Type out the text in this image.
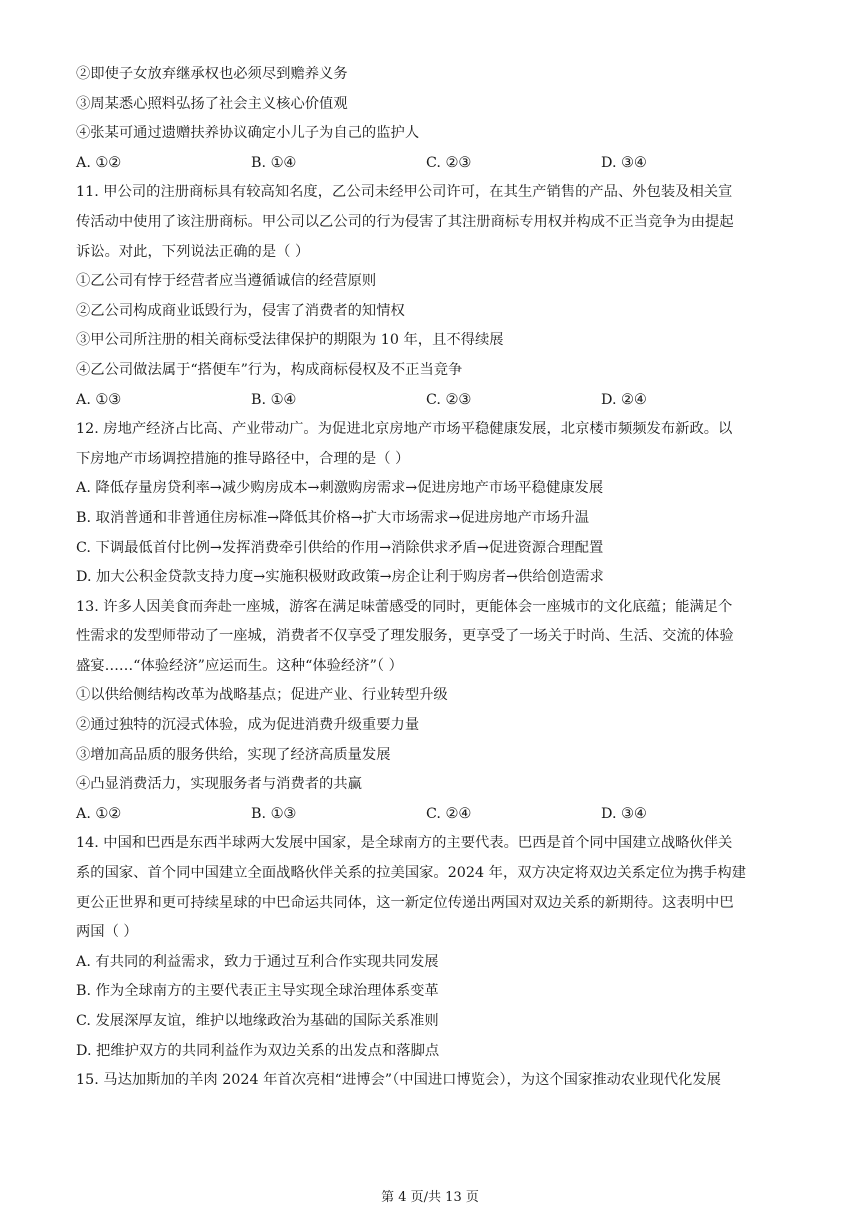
②即使子女放弃继承权也必须尽到赡养义务
③周某悉心照料弘扬了社会主义核心价值观
④张某可通过遗赠扶养协议确定小儿子为自己的监护人
A. ①②	B. ①④	C. ②③	D. ③④
11. 甲公司的注册商标具有较高知名度，乙公司未经甲公司许可，在其生产销售的产品、外包装及相关宣
传活动中使用了该注册商标。甲公司以乙公司的行为侵害了其注册商标专用权并构成不正当竞争为由提起
诉讼。对此，下列说法正确的是（ ）
①乙公司有悖于经营者应当遵循诚信的经营原则
②乙公司构成商业诋毁行为，侵害了消费者的知情权
③甲公司所注册的相关商标受法律保护的期限为 10 年，且不得续展
④乙公司做法属于“搭便车”行为，构成商标侵权及不正当竞争
A. ①③	B. ①④	C. ②③	D. ②④
12. 房地产经济占比高、产业带动广。为促进北京房地产市场平稳健康发展，北京楼市频频发布新政。以
下房地产市场调控措施的推导路径中，合理的是（ ）
A. 降低存量房贷利率→减少购房成本→刺激购房需求→促进房地产市场平稳健康发展
B. 取消普通和非普通住房标准→降低其价格→扩大市场需求→促进房地产市场升温
C. 下调最低首付比例→发挥消费牵引供给的作用→消除供求矛盾→促进资源合理配置
D. 加大公积金贷款支持力度→实施积极财政政策→房企让利于购房者→供给创造需求
13. 许多人因美食而奔赴一座城，游客在满足味蕾感受的同时，更能体会一座城市的文化底蕴；能满足个
性需求的发型师带动了一座城，消费者不仅享受了理发服务，更享受了一场关于时尚、生活、交流的体验
盛宴……“体验经济”应运而生。这种“体验经济”（ ）
①以供给侧结构改革为战略基点；促进产业、行业转型升级
②通过独特的沉浸式体验，成为促进消费升级重要力量
③增加高品质的服务供给，实现了经济高质量发展
④凸显消费活力，实现服务者与消费者的共赢
A. ①②	B. ①③	C. ②④	D. ③④
14. 中国和巴西是东西半球两大发展中国家，是全球南方的主要代表。巴西是首个同中国建立战略伙伴关
系的国家、首个同中国建立全面战略伙伴关系的拉美国家。2024 年，双方决定将双边关系定位为携手构建
更公正世界和更可持续星球的中巴命运共同体，这一新定位传递出两国对双边关系的新期待。这表明中巴
两国（ ）
A. 有共同的利益需求，致力于通过互利合作实现共同发展
B. 作为全球南方的主要代表正主导实现全球治理体系变革
C. 发展深厚友谊，维护以地缘政治为基础的国际关系准则
D. 把维护双方的共同利益作为双边关系的出发点和落脚点
15. 马达加斯加的羊肉 2024 年首次亮相“进博会”（中国进口博览会），为这个国家推动农业现代化发展
第 4 页/共 13 页
